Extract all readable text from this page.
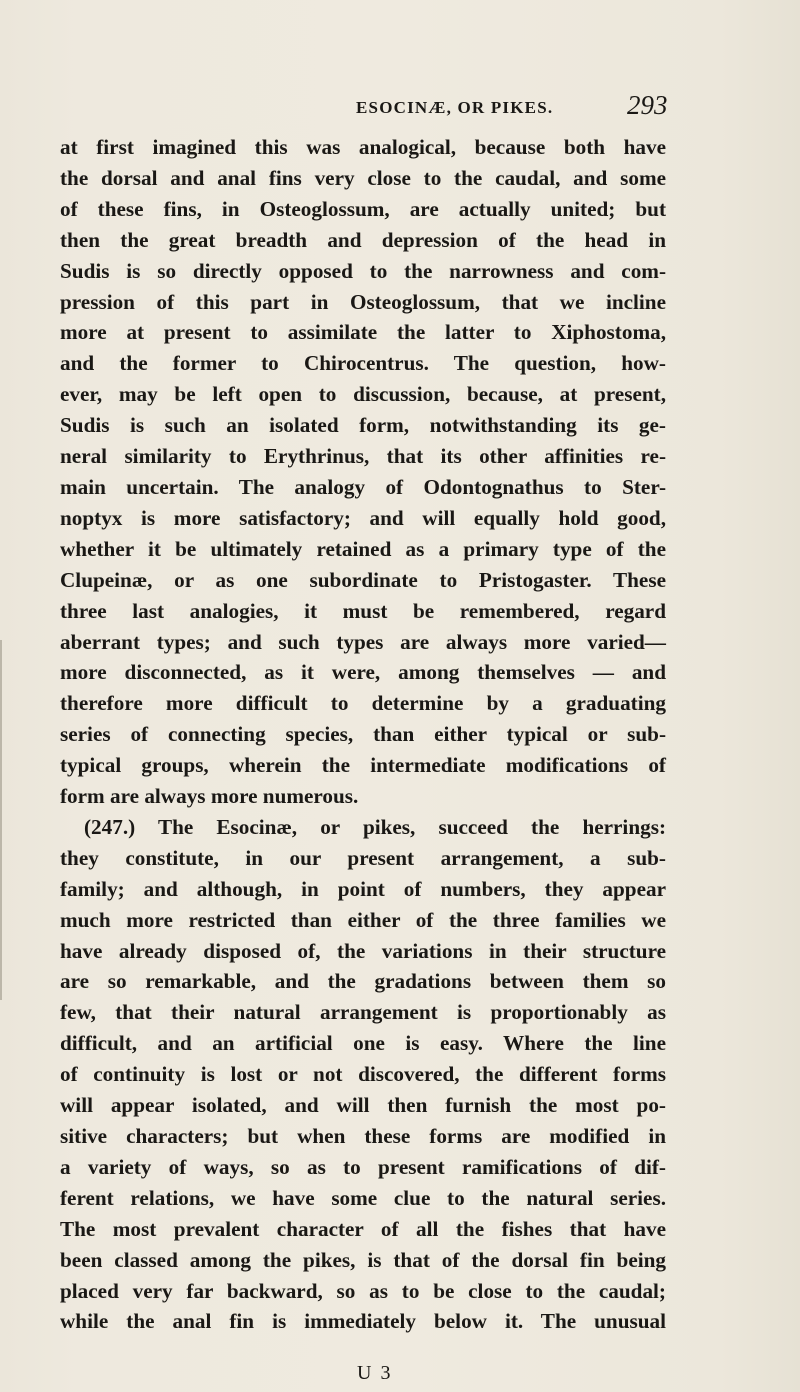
ESOCINÆ, OR PIKES.	293
at first imagined this was analogical, because both have
the dorsal and anal fins very close to the caudal, and some
of these fins, in Osteoglossum, are actually united; but
then the great breadth and depression of the head in
Sudis is so directly opposed to the narrowness and com-
pression of this part in Osteoglossum, that we incline
more at present to assimilate the latter to Xiphostoma,
and the former to Chirocentrus. The question, how-
ever, may be left open to discussion, because, at present,
Sudis is such an isolated form, notwithstanding its ge-
neral similarity to Erythrinus, that its other affinities re-
main uncertain. The analogy of Odontognathus to Ster-
noptyx is more satisfactory; and will equally hold good,
whether it be ultimately retained as a primary type of the
Clupeinæ, or as one subordinate to Pristogaster. These
three last analogies, it must be remembered, regard
aberrant types; and such types are always more varied—
more disconnected, as it were, among themselves — and
therefore more difficult to determine by a graduating
series of connecting species, than either typical or sub-
typical groups, wherein the intermediate modifications of
form are always more numerous.
(247.) The Esocinæ, or pikes, succeed the herrings:
they constitute, in our present arrangement, a sub-
family; and although, in point of numbers, they appear
much more restricted than either of the three families we
have already disposed of, the variations in their structure
are so remarkable, and the gradations between them so
few, that their natural arrangement is proportionably as
difficult, and an artificial one is easy. Where the line
of continuity is lost or not discovered, the different forms
will appear isolated, and will then furnish the most po-
sitive characters; but when these forms are modified in
a variety of ways, so as to present ramifications of dif-
ferent relations, we have some clue to the natural series.
The most prevalent character of all the fishes that have
been classed among the pikes, is that of the dorsal fin being
placed very far backward, so as to be close to the caudal;
while the anal fin is immediately below it. The unusual
U 3
